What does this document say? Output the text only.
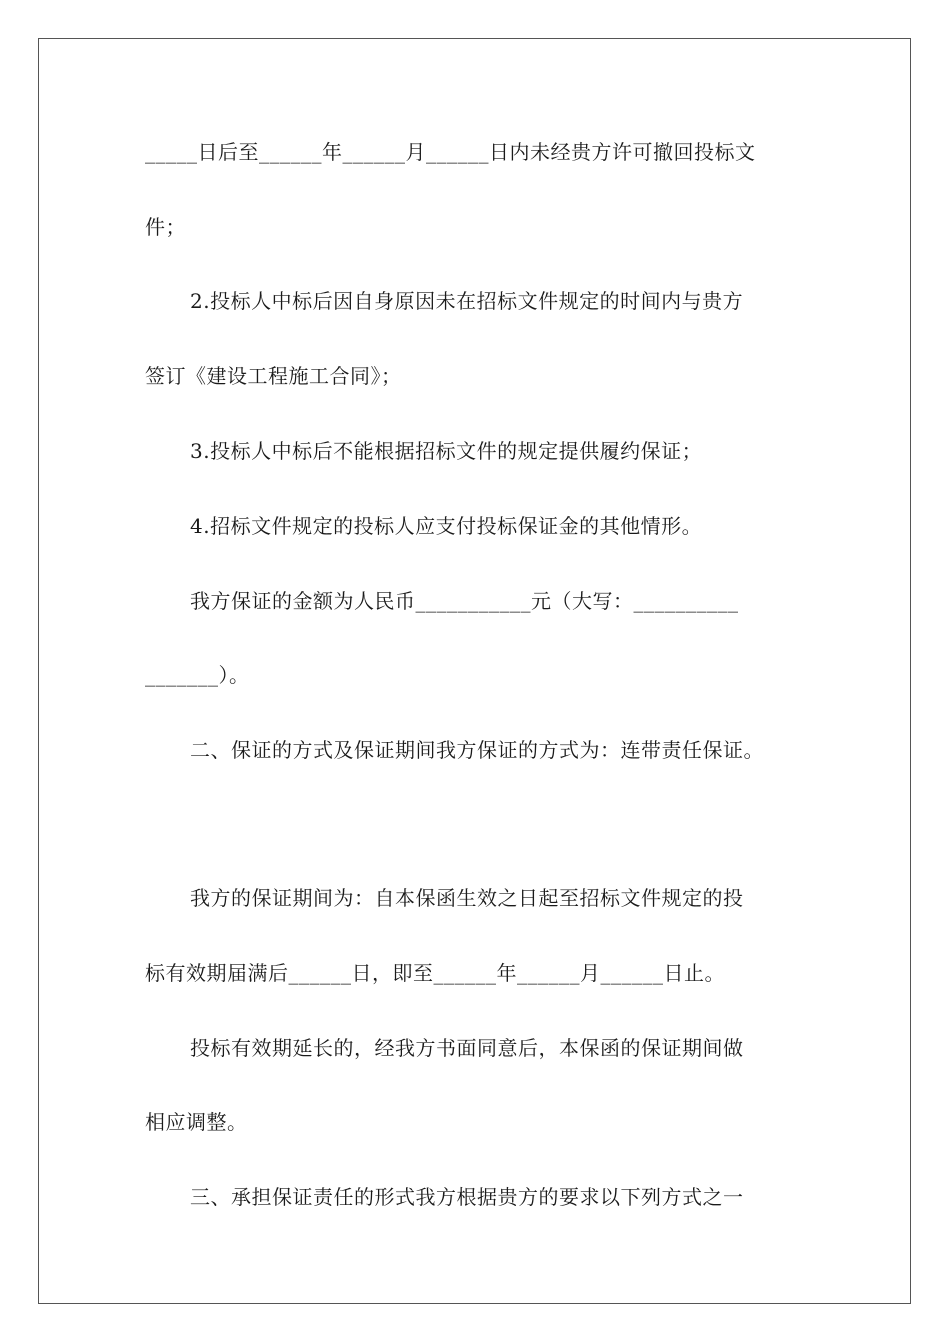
_____日后至______年______月______日内未经贵方许可撤回投标文
件；
2.投标人中标后因自身原因未在招标文件规定的时间内与贵方
签订《建设工程施工合同》；
3.投标人中标后不能根据招标文件的规定提供履约保证；
4.招标文件规定的投标人应支付投标保证金的其他情形。
我方保证的金额为人民币___________元（大写：__________
_______）。
二、保证的方式及保证期间我方保证的方式为：连带责任保证。
我方的保证期间为：自本保函生效之日起至招标文件规定的投
标有效期届满后______日，即至______年______月______日止。
投标有效期延长的，经我方书面同意后，本保函的保证期间做
相应调整。
三、承担保证责任的形式我方根据贵方的要求以下列方式之一
